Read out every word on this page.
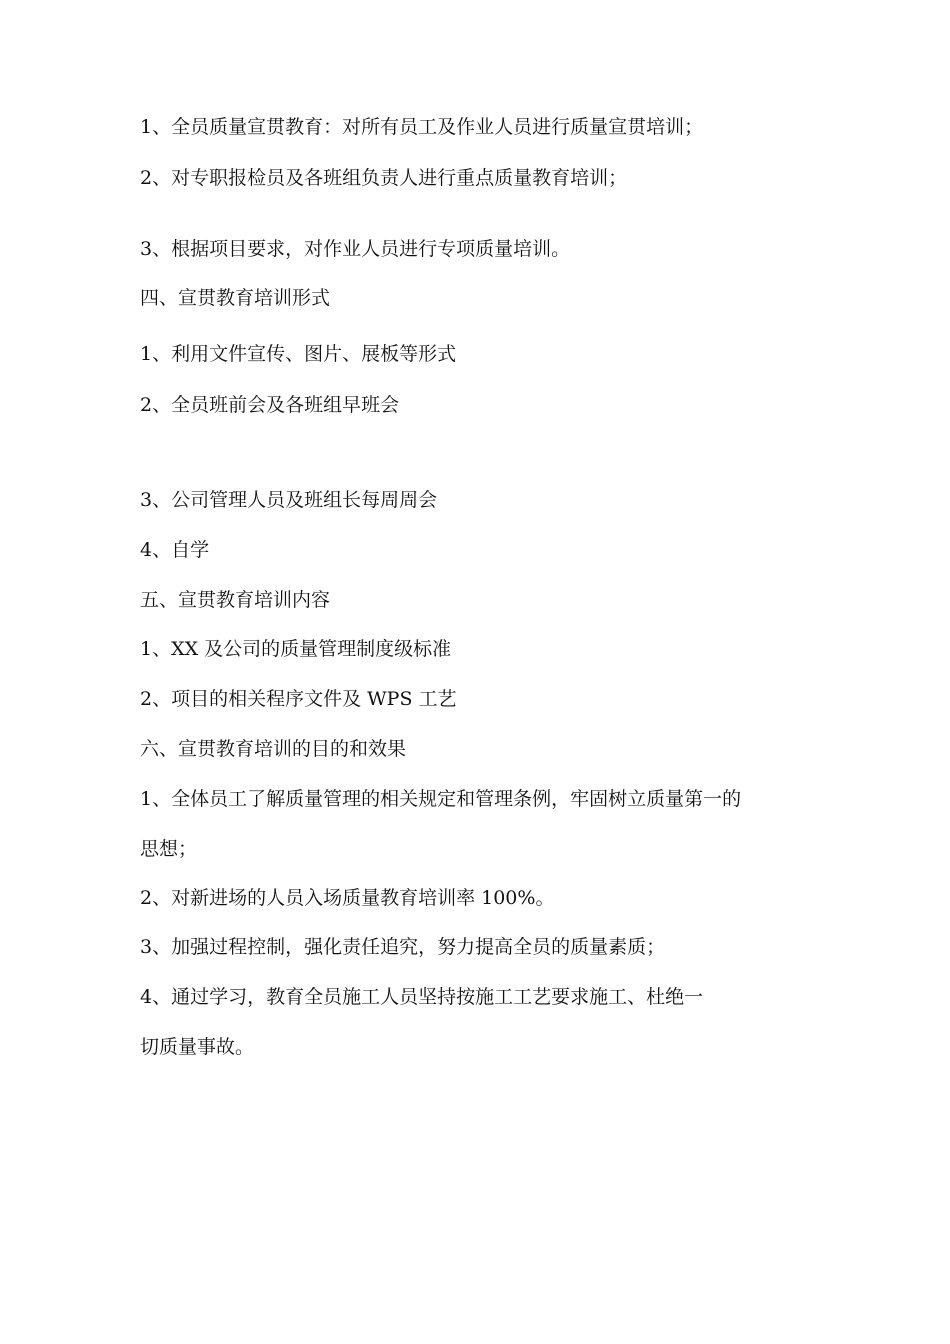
1、全员质量宣贯教育：对所有员工及作业人员进行质量宣贯培训；
2、对专职报检员及各班组负责人进行重点质量教育培训；
3、根据项目要求，对作业人员进行专项质量培训。
四、宣贯教育培训形式
1、利用文件宣传、图片、展板等形式
2、全员班前会及各班组早班会
3、公司管理人员及班组长每周周会
4、自学
五、宣贯教育培训内容
1、XX 及公司的质量管理制度级标准
2、项目的相关程序文件及 WPS 工艺
六、宣贯教育培训的目的和效果
1、全体员工了解质量管理的相关规定和管理条例，牢固树立质量第一的
思想；
2、对新进场的人员入场质量教育培训率 100%。
3、加强过程控制，强化责任追究，努力提高全员的质量素质；
4、通过学习，教育全员施工人员坚持按施工工艺要求施工、杜绝一
切质量事故。
